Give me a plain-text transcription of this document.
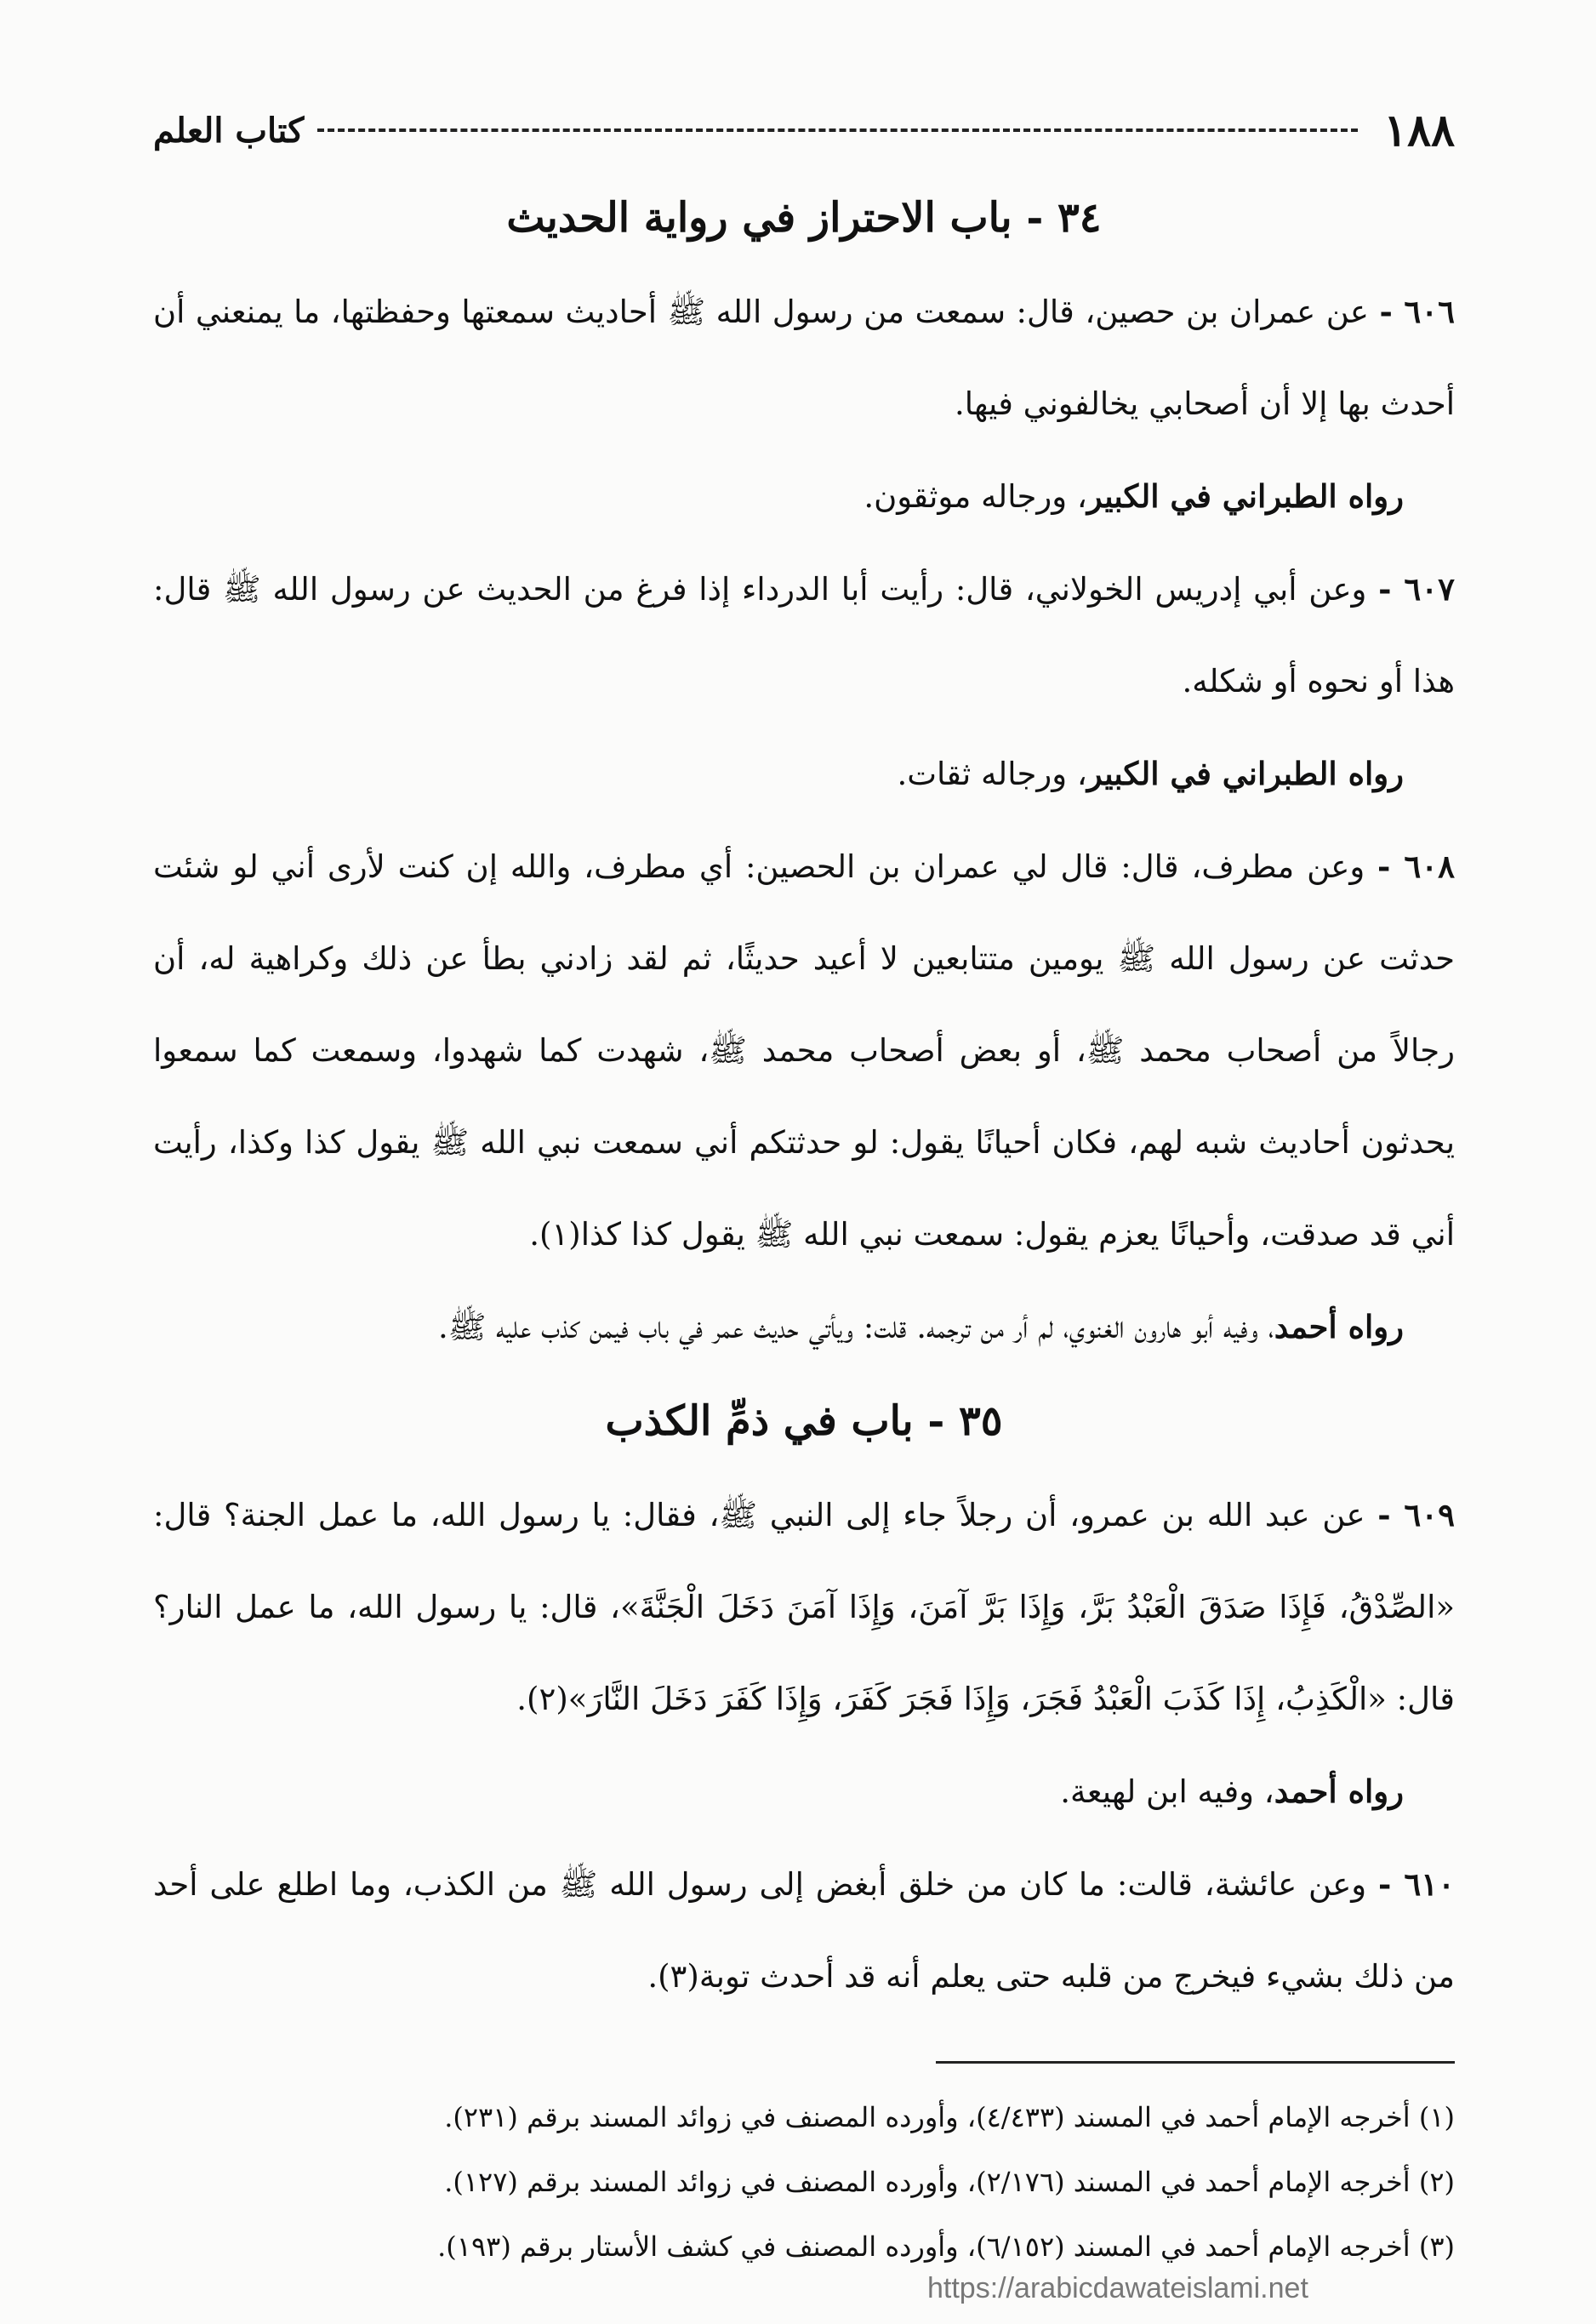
١٨٨
كتاب العلم
٣٤ - باب الاحتراز في رواية الحديث

٦٠٦ - عن عمران بن حصين، قال: سمعت من رسول الله ﷺ أحاديث سمعتها وحفظتها، ما يمنعني أن أحدث بها إلا أن أصحابي يخالفوني فيها.

رواه الطبراني في الكبير، ورجاله موثقون.

٦٠٧ - وعن أبي إدريس الخولاني، قال: رأيت أبا الدرداء إذا فرغ من الحديث عن رسول الله ﷺ قال: هذا أو نحوه أو شكله.

رواه الطبراني في الكبير، ورجاله ثقات.

٦٠٨ - وعن مطرف، قال: قال لي عمران بن الحصين: أي مطرف، والله إن كنت لأرى أني لو شئت حدثت عن رسول الله ﷺ يومين متتابعين لا أعيد حديثًا، ثم لقد زادني بطأ عن ذلك وكراهية له، أن رجالاً من أصحاب محمد ﷺ، أو بعض أصحاب محمد ﷺ، شهدت كما شهدوا، وسمعت كما سمعوا يحدثون أحاديث شبه لهم، فكان أحيانًا يقول: لو حدثتكم أني سمعت نبي الله ﷺ يقول كذا وكذا، رأيت أني قد صدقت، وأحيانًا يعزم يقول: سمعت نبي الله ﷺ يقول كذا كذا(١).

رواه أحمد، وفيه أبو هارون الغنوي، لم أر من ترجمه. قلت: ويأتي حديث عمر في باب فيمن كذب عليه ﷺ.

٣٥ - باب في ذمِّ الكذب

٦٠٩ - عن عبد الله بن عمرو، أن رجلاً جاء إلى النبي ﷺ، فقال: يا رسول الله، ما عمل الجنة؟ قال: «الصِّدْقُ، فَإِذَا صَدَقَ الْعَبْدُ بَرَّ، وَإِذَا بَرَّ آمَنَ، وَإِذَا آمَنَ دَخَلَ الْجَنَّةَ»، قال: يا رسول الله، ما عمل النار؟ قال: «الْكَذِبُ، إِذَا كَذَبَ الْعَبْدُ فَجَرَ، وَإِذَا فَجَرَ كَفَرَ، وَإِذَا كَفَرَ دَخَلَ النَّارَ»(٢).

رواه أحمد، وفيه ابن لهيعة.

٦١٠ - وعن عائشة، قالت: ما كان من خلق أبغض إلى رسول الله ﷺ من الكذب، وما اطلع على أحد من ذلك بشيء فيخرج من قلبه حتى يعلم أنه قد أحدث توبة(٣).

(١) أخرجه الإمام أحمد في المسند (٤/٤٣٣)، وأورده المصنف في زوائد المسند برقم (٢٣١).

(٢) أخرجه الإمام أحمد في المسند (٢/١٧٦)، وأورده المصنف في زوائد المسند برقم (١٢٧).

(٣) أخرجه الإمام أحمد في المسند (٦/١٥٢)، وأورده المصنف في كشف الأستار برقم (١٩٣).

https://arabicdawateislami.net
